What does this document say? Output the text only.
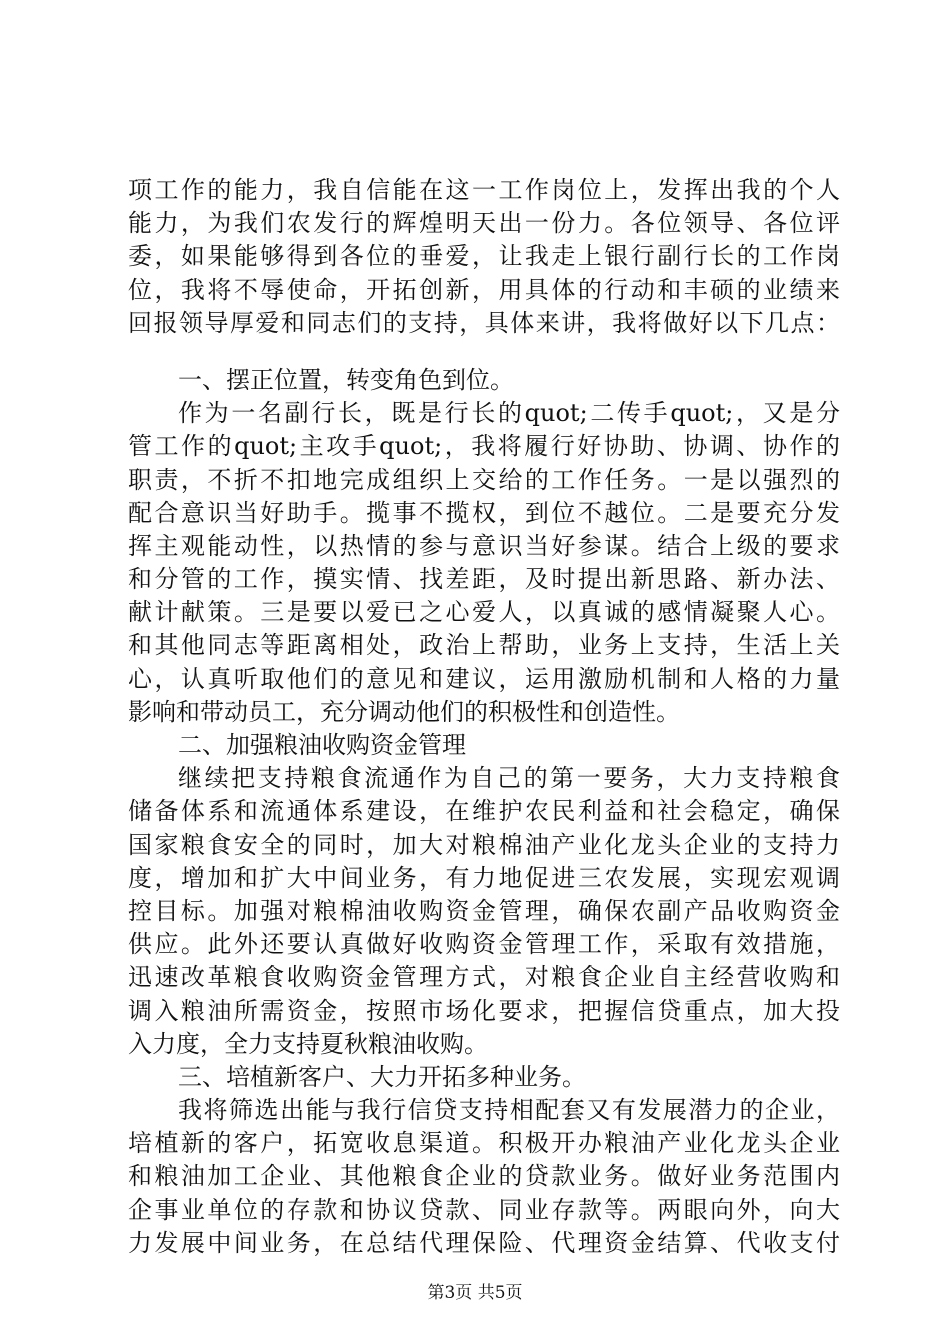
项工作的能力，我自信能在这一工作岗位上，发挥出我的个人
能力，为我们农发行的辉煌明天出一份力。各位领导、各位评
委，如果能够得到各位的垂爱，让我走上银行副行长的工作岗
位，我将不辱使命，开拓创新，用具体的行动和丰硕的业绩来
回报领导厚爱和同志们的支持，具体来讲，我将做好以下几点：
一、摆正位置，转变角色到位。
作为一名副行长，既是行长的quot;二传手quot;，又是分
管工作的quot;主攻手quot;，我将履行好协助、协调、协作的
职责，不折不扣地完成组织上交给的工作任务。一是以强烈的
配合意识当好助手。揽事不揽权，到位不越位。二是要充分发
挥主观能动性，以热情的参与意识当好参谋。结合上级的要求
和分管的工作，摸实情、找差距，及时提出新思路、新办法、
献计献策。三是要以爱已之心爱人，以真诚的感情凝聚人心。
和其他同志等距离相处，政治上帮助，业务上支持，生活上关
心，认真听取他们的意见和建议，运用激励机制和人格的力量
影响和带动员工，充分调动他们的积极性和创造性。
二、加强粮油收购资金管理
继续把支持粮食流通作为自己的第一要务，大力支持粮食
储备体系和流通体系建设，在维护农民利益和社会稳定，确保
国家粮食安全的同时，加大对粮棉油产业化龙头企业的支持力
度，增加和扩大中间业务，有力地促进三农发展，实现宏观调
控目标。加强对粮棉油收购资金管理，确保农副产品收购资金
供应。此外还要认真做好收购资金管理工作，采取有效措施，
迅速改革粮食收购资金管理方式，对粮食企业自主经营收购和
调入粮油所需资金，按照市场化要求，把握信贷重点，加大投
入力度，全力支持夏秋粮油收购。
三、培植新客户、大力开拓多种业务。
我将筛选出能与我行信贷支持相配套又有发展潜力的企业，
培植新的客户，拓宽收息渠道。积极开办粮油产业化龙头企业
和粮油加工企业、其他粮食企业的贷款业务。做好业务范围内
企事业单位的存款和协议贷款、同业存款等。两眼向外，向大
力发展中间业务，在总结代理保险、代理资金结算、代收支付
第3页 共5页
